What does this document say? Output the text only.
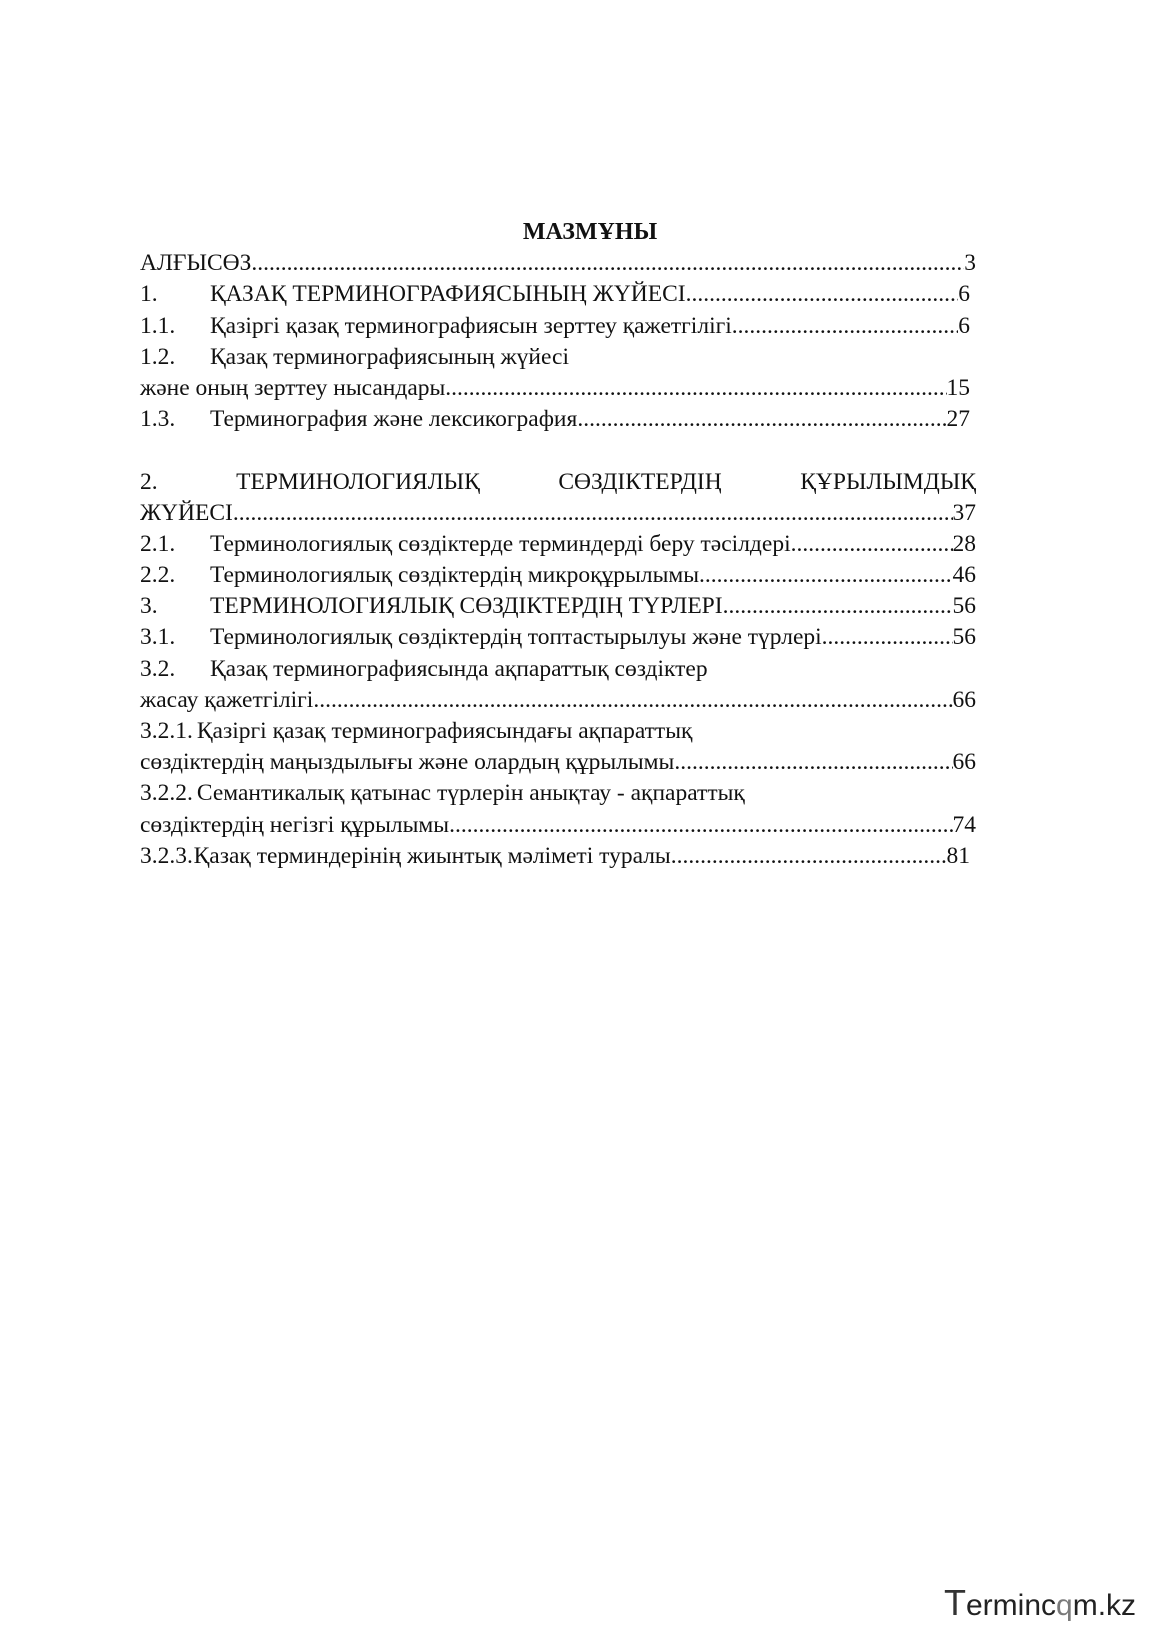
МАЗМҰНЫ
АЛҒЫСӨЗ .....	3
1.	ҚАЗАҚ ТЕРМИНОГРАФИЯСЫНЫҢ ЖҮЙЕСІ .....	6
1.1.	Қазіргі қазақ терминографиясын зерттеу қажетгілігі .....	6
1.2.	Қазақ терминографиясының жүйесі
және оның зерттеу нысандары .....	15
1.3.	Терминография және лексикография .....	27
2.	ТЕРМИНОЛОГИЯЛЫҚ	СӨЗДІКТЕРДІҢ	ҚҰРЫЛЫМДЫҚ
ЖҮЙЕСІ .....	37
2.1.	Терминологиялық сөздіктерде терминдерді беру тәсілдері .....	28
2.2.	Терминологиялық сөздіктердің микроқұрылымы .....	46
3.	ТЕРМИНОЛОГИЯЛЫҚ СӨЗДІКТЕРДІҢ ТҮРЛЕРІ .....	56
3.1.	Терминологиялық сөздіктердің топтастырылуы және түрлері .....	56
3.2.	Қазақ терминографиясында ақпараттық сөздіктер
жасау қажетгілігі .....	66
3.2.1. Қазіргі қазақ терминографиясындағы ақпараттық
сөздіктердің маңыздылығы және олардың құрылымы .....	66
3.2.2. Семантикалық қатынас түрлерін анықтау - ақпараттық
сөздіктердің негізгі құрылымы .....	74
3.2.3. Қазақ терминдерінің жиынтық мәліметі туралы .....	81
Termincqm.kz
